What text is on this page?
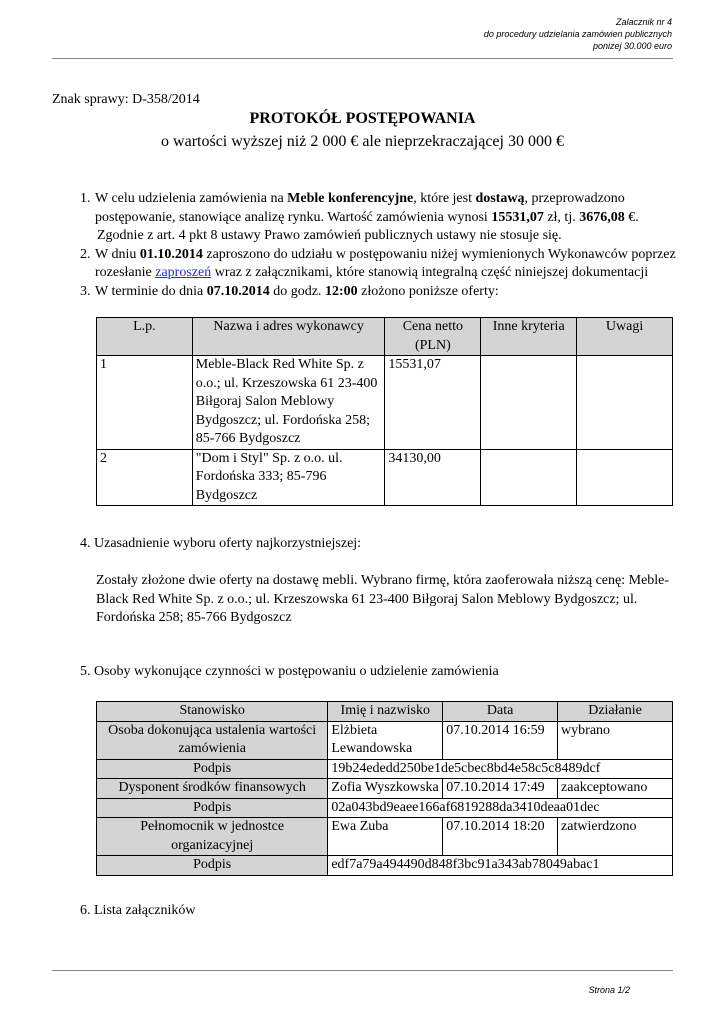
Zalacznik nr 4
do procedury udzielania zamówien publicznych
ponizej 30.000 euro
Znak sprawy: D-358/2014
PROTOKÓŁ POSTĘPOWANIA
o wartości wyższej niż 2 000 € ale nieprzekraczającej 30 000 €
1. W celu udzielenia zamówienia na Meble konferencyjne, które jest dostawą, przeprowadzono postępowanie, stanowiące analizę rynku. Wartość zamówienia wynosi 15531,07 zł, tj. 3676,08 €.
Zgodnie z art. 4 pkt 8 ustawy Prawo zamówień publicznych ustawy nie stosuje się.
2. W dniu 01.10.2014 zaproszono do udziału w postępowaniu niżej wymienionych Wykonawców poprzez rozesłanie zaproszeń wraz z załącznikami, które stanowią integralną część niniejszej dokumentacji
3. W terminie do dnia 07.10.2014 do godz. 12:00 złożono poniższe oferty:
L.p.	Nazwa i adres wykonawcy	Cena netto (PLN)	Inne kryteria	Uwagi
1	Meble-Black Red White Sp. z o.o.; ul. Krzeszowska 61 23-400 Biłgoraj Salon Meblowy Bydgoszcz; ul. Fordońska 258; 85-766 Bydgoszcz	15531,07		
2	"Dom i Styl" Sp. z o.o. ul. Fordońska 333; 85-796 Bydgoszcz	34130,00		
4. Uzasadnienie wyboru oferty najkorzystniejszej:
Zostały złożone dwie oferty na dostawę mebli. Wybrano firmę, która zaoferowała niższą cenę: Meble-Black Red White Sp. z o.o.; ul. Krzeszowska 61 23-400 Biłgoraj Salon Meblowy Bydgoszcz; ul. Fordońska 258; 85-766 Bydgoszcz
5. Osoby wykonujące czynności w postępowaniu o udzielenie zamówienia
Stanowisko	Imię i nazwisko	Data	Działanie
Osoba dokonująca ustalenia wartości zamówienia	Elżbieta Lewandowska	07.10.2014 16:59	wybrano
Podpis	19b24ededd250be1de5cbec8bd4e58c5c8489dcf		
Dysponent środków finansowych	Zofia Wyszkowska	07.10.2014 17:49	zaakceptowano
Podpis	02a043bd9eaee166af6819288da3410deaa01dec		
Pełnomocnik w jednostce organizacyjnej	Ewa Zuba	07.10.2014 18:20	zatwierdzono
Podpis	edf7a79a494490d848f3bc91a343ab78049abac1		
6. Lista załączników
Strona 1/2
